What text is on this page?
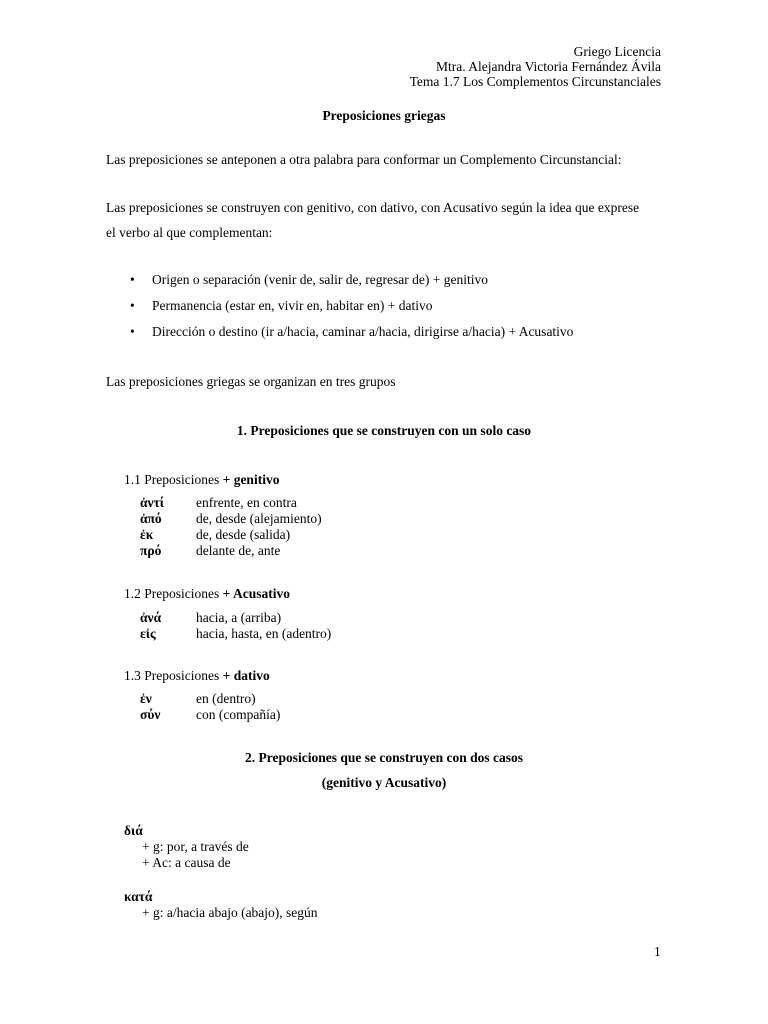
Griego Licencia
Mtra. Alejandra Victoria Fernández Ávila
Tema 1.7 Los Complementos Circunstanciales
Preposiciones griegas
Las preposiciones se anteponen a otra palabra para conformar un Complemento Circunstancial:
Las preposiciones se construyen con genitivo, con dativo, con Acusativo según la idea que exprese
el verbo al que complementan:
• Origen o separación (venir de, salir de, regresar de) + genitivo
• Permanencia (estar en, vivir en, habitar en) + dativo
• Dirección o destino (ir a/hacia, caminar a/hacia, dirigirse a/hacia) + Acusativo
Las preposiciones griegas se organizan en tres grupos
1. Preposiciones que se construyen con un solo caso
1.1 Preposiciones + genitivo
ἀντί	enfrente, en contra
ἀπό	de, desde (alejamiento)
ἐκ	de, desde (salida)
πρό	delante de, ante
1.2 Preposiciones + Acusativo
ἀνά	hacia, a (arriba)
εἰς	hacia, hasta, en (adentro)
1.3 Preposiciones + dativo
ἐν	en (dentro)
σύν	con (compañía)
2. Preposiciones que se construyen con dos casos
(genitivo y Acusativo)
διά
+ g: por, a través de
+ Ac: a causa de
κατά
+ g: a/hacia abajo (abajo), según
1
